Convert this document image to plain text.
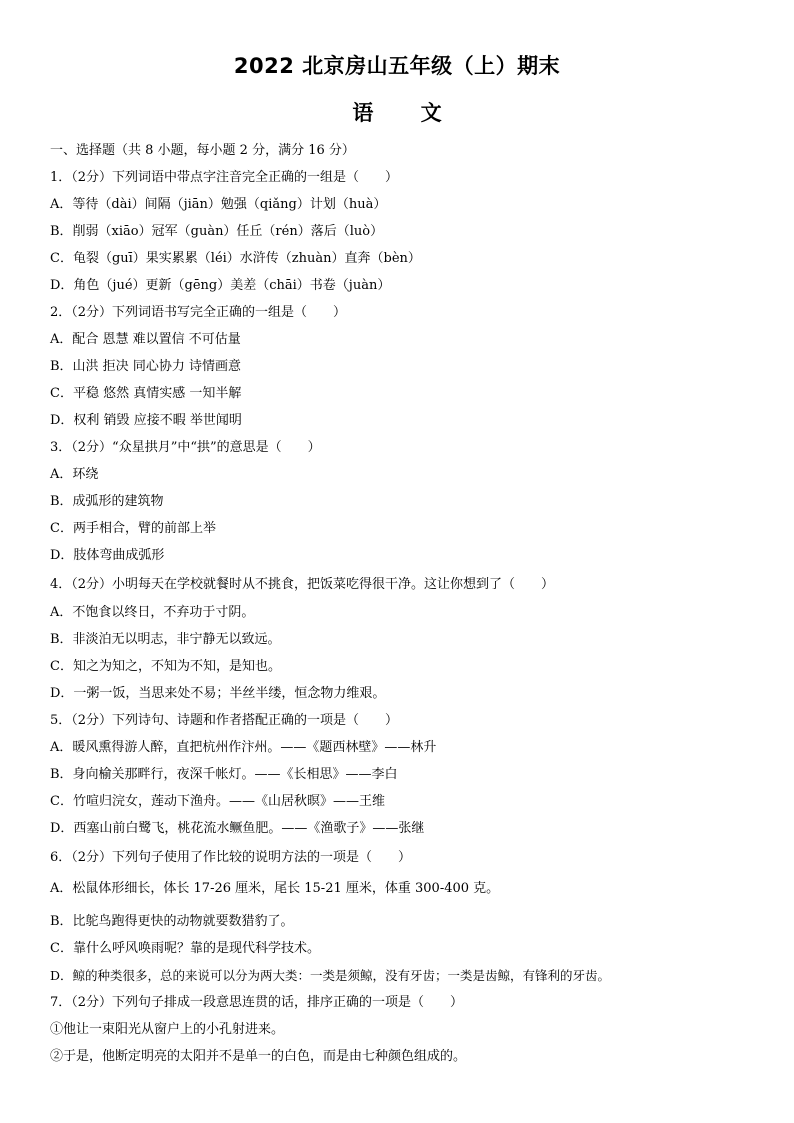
2022 北京房山五年级（上）期末
语 文
一、选择题（共 8 小题，每小题 2 分，满分 16 分）
1．（2分）下列词语中带点字注音完全正确的一组是（　　）
A．等待（dài）间隔（jiān）勉强（qiǎng）计划（huà）
B．削弱（xiāo）冠军（guàn）任丘（rén）落后（luò）
C．龟裂（guī）果实累累（léi）水浒传（zhuàn）直奔（bèn）
D．角色（jué）更新（gēng）美差（chāi）书卷（juàn）
2．（2分）下列词语书写完全正确的一组是（　　）
A．配合 恩慧 难以置信 不可估量
B．山洪 拒决 同心协力 诗情画意
C．平稳 悠然 真情实感 一知半解
D．权利 销毁 应接不暇 举世闻明
3．（2分）“众星拱月”中“拱”的意思是（　　）
A．环绕
B．成弧形的建筑物
C．两手相合，臂的前部上举
D．肢体弯曲成弧形
4．（2分）小明每天在学校就餐时从不挑食，把饭菜吃得很干净。这让你想到了（　　）
A．不饱食以终日，不弃功于寸阴。
B．非淡泊无以明志，非宁静无以致远。
C．知之为知之，不知为不知，是知也。
D．一粥一饭，当思来处不易；半丝半缕，恒念物力维艰。
5．（2分）下列诗句、诗题和作者搭配正确的一项是（　　）
A．暖风熏得游人醉，直把杭州作汴州。——《题西林壁》——林升
B．身向榆关那畔行，夜深千帐灯。——《长相思》——李白
C．竹喧归浣女，莲动下渔舟。——《山居秋暝》——王维
D．西塞山前白鹭飞，桃花流水鳜鱼肥。——《渔歌子》——张继
6．（2分）下列句子使用了作比较的说明方法的一项是（　　）
A．松鼠体形细长，体长 17-26 厘米，尾长 15-21 厘米，体重 300-400 克。
B．比鸵鸟跑得更快的动物就要数猎豹了。
C．靠什么呼风唤雨呢？靠的是现代科学技术。
D．鲸的种类很多，总的来说可以分为两大类：一类是须鲸，没有牙齿；一类是齿鲸，有锋利的牙齿。
7．（2分）下列句子排成一段意思连贯的话，排序正确的一项是（　　）
①他让一束阳光从窗户上的小孔射进来。
②于是，他断定明亮的太阳并不是单一的白色，而是由七种颜色组成的。
